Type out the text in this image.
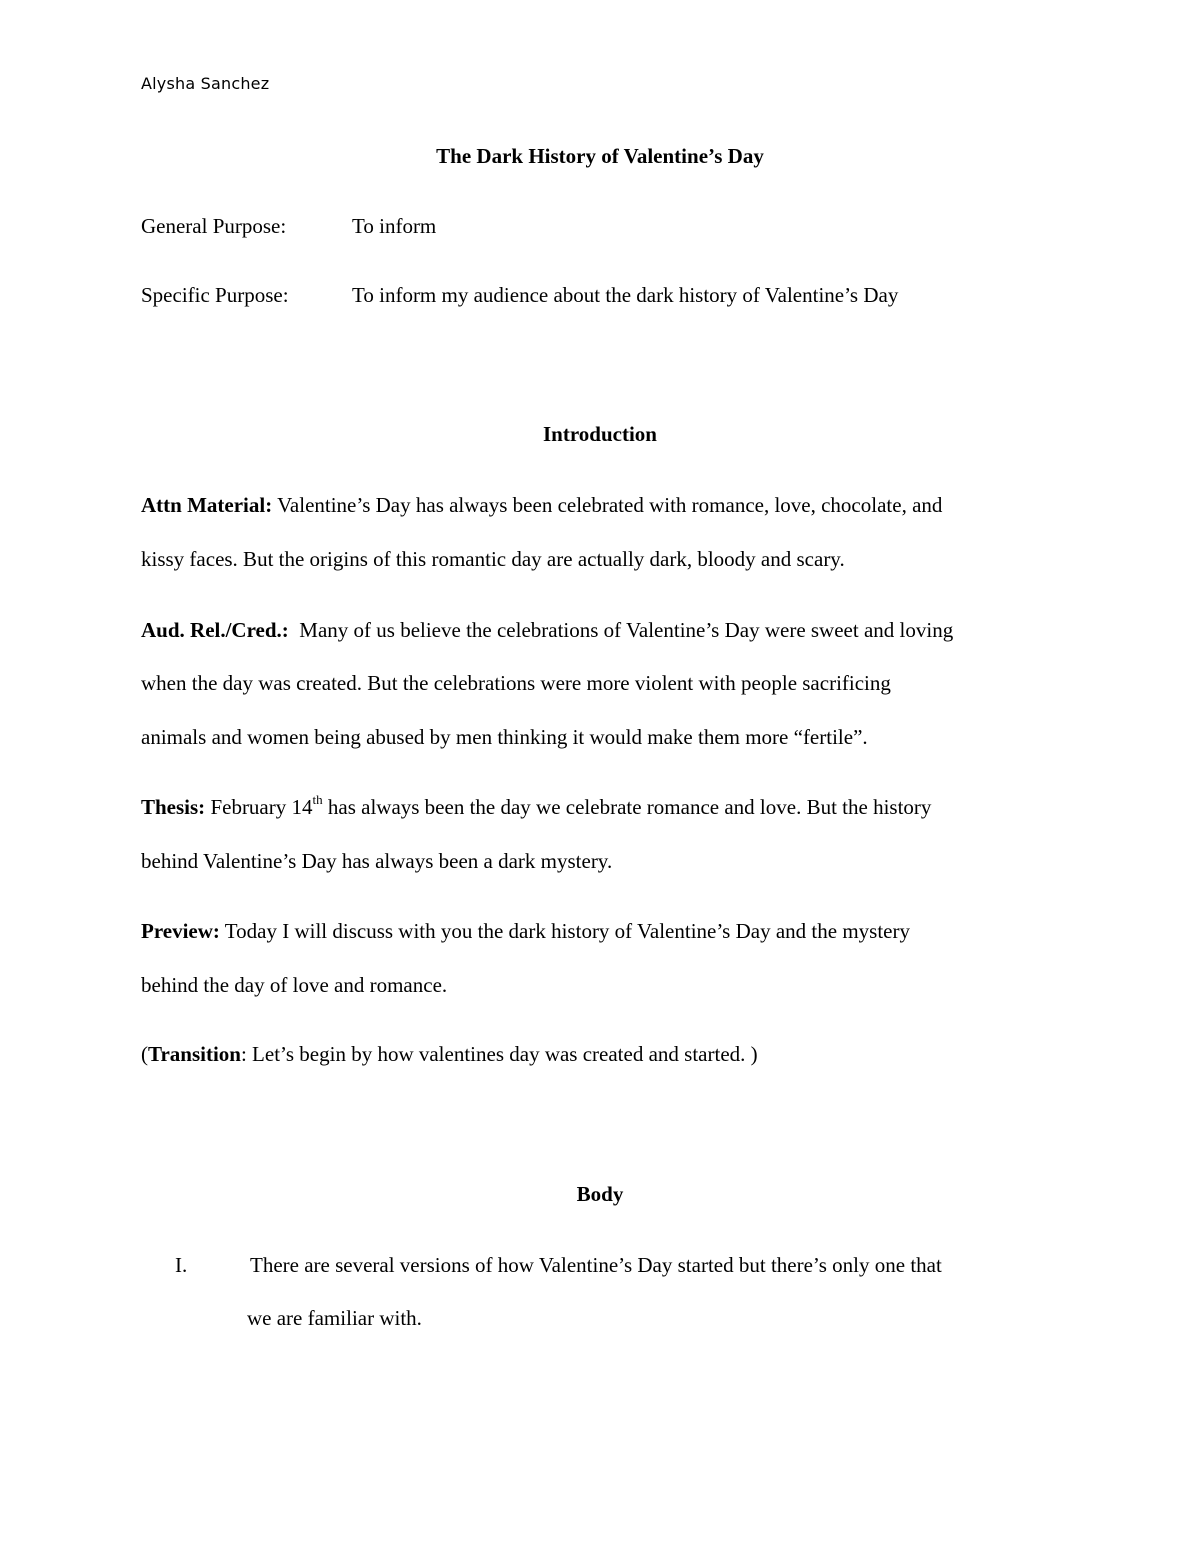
Alysha Sanchez
The Dark History of Valentine’s Day
General Purpose:	To inform
Specific Purpose:	To inform my audience about the dark history of Valentine’s Day
Introduction
Attn Material: Valentine’s Day has always been celebrated with romance, love, chocolate, and
kissy faces. But the origins of this romantic day are actually dark, bloody and scary.
Aud. Rel./Cred.:  Many of us believe the celebrations of Valentine’s Day were sweet and loving
when the day was created. But the celebrations were more violent with people sacrificing
animals and women being abused by men thinking it would make them more “fertile”.
Thesis: February 14th has always been the day we celebrate romance and love. But the history
behind Valentine’s Day has always been a dark mystery.
Preview: Today I will discuss with you the dark history of Valentine’s Day and the mystery
behind the day of love and romance.
(Transition: Let’s begin by how valentines day was created and started. )
Body
I.	There are several versions of how Valentine’s Day started but there’s only one that
we are familiar with.
